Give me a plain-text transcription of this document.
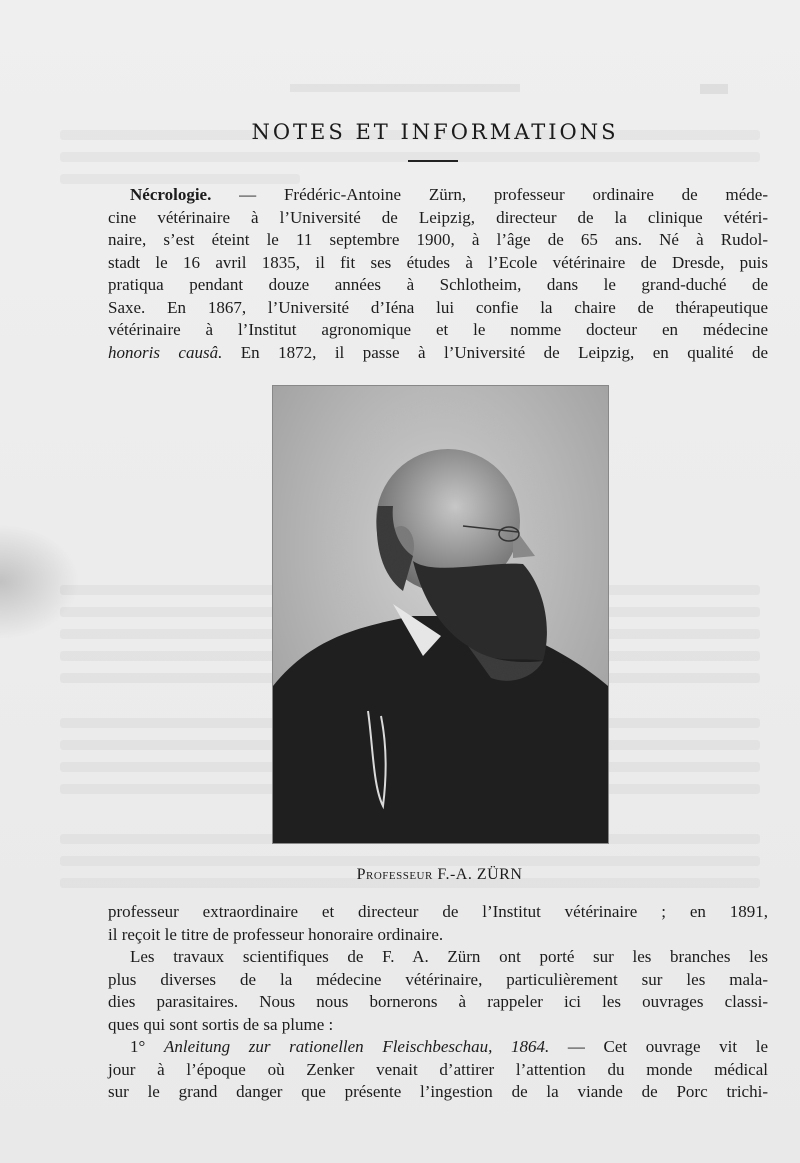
NOTES ET INFORMATIONS
Nécrologie. — Frédéric-Antoine Zürn, professeur ordinaire de méde-
cine vétérinaire à l’Université de Leipzig, directeur de la clinique vétéri-
naire, s’est éteint le 11 septembre 1900, à l’âge de 65 ans. Né à Rudol-
stadt le 16 avril 1835, il fit ses études à l’Ecole vétérinaire de Dresde, puis
pratiqua pendant douze années à Schlotheim, dans le grand-duché de
Saxe. En 1867, l’Université d’Iéna lui confie la chaire de thérapeutique
vétérinaire à l’Institut agronomique et le nomme docteur en médecine
honoris causâ. En 1872, il passe à l’Université de Leipzig, en qualité de
Professeur F.-A. ZÜRN
professeur extraordinaire et directeur de l’Institut vétérinaire ; en 1891,
il reçoit le titre de professeur honoraire ordinaire.
Les travaux scientifiques de F. A. Zürn ont porté sur les branches les
plus diverses de la médecine vétérinaire, particulièrement sur les mala-
dies parasitaires. Nous nous bornerons à rappeler ici les ouvrages classi-
ques qui sont sortis de sa plume :
1° Anleitung zur rationellen Fleischbeschau, 1864. — Cet ouvrage vit le
jour à l’époque où Zenker venait d’attirer l’attention du monde médical
sur le grand danger que présente l’ingestion de la viande de Porc trichi-
